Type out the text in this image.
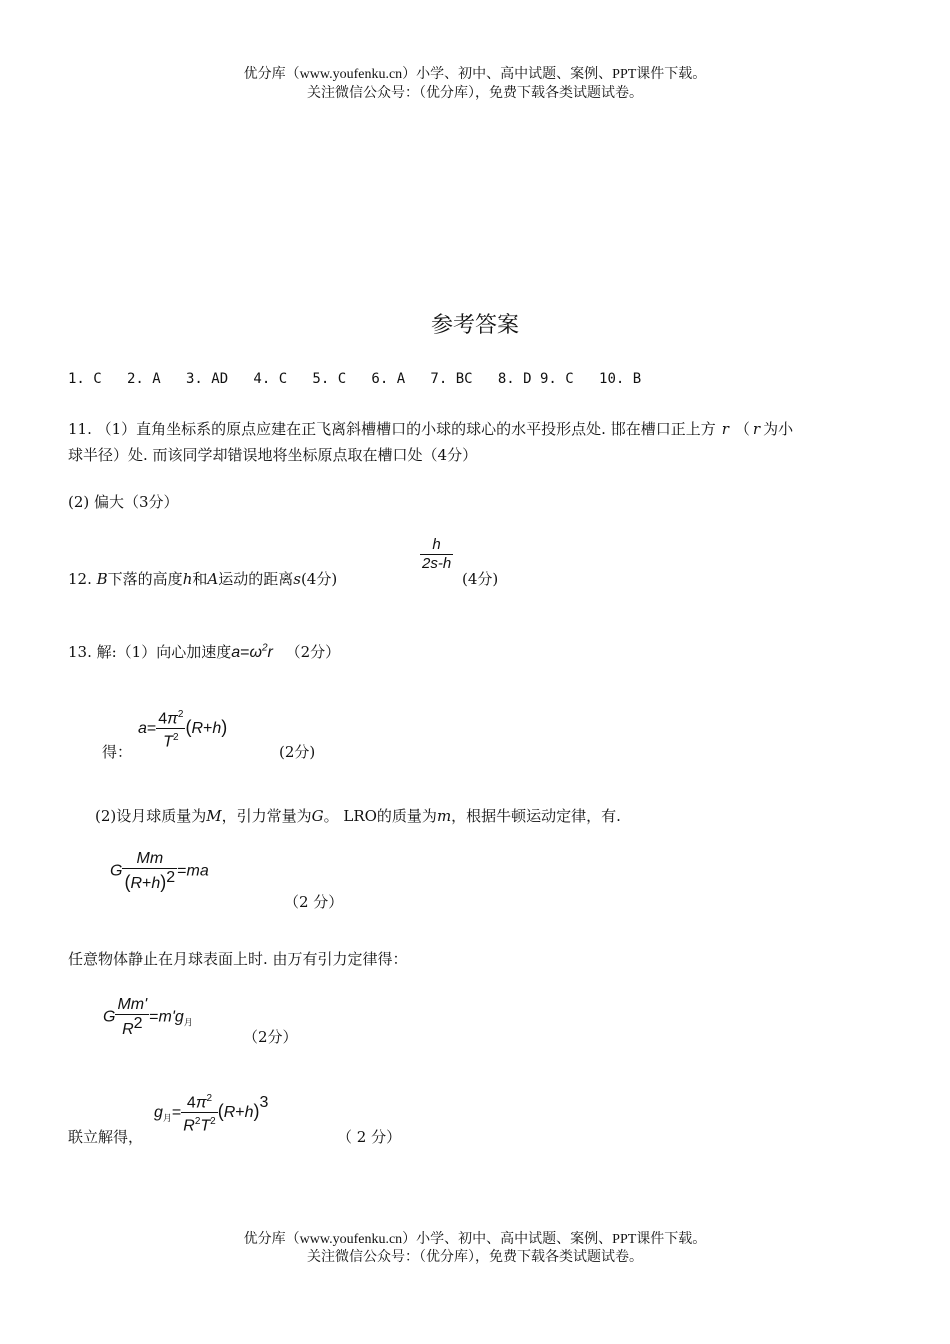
优分库（www.youfenku.cn）小学、初中、高中试题、案例、PPT课件下载。
关注微信公众号：（优分库），免费下载各类试题试卷。
参考答案
1. C   2. A   3. AD   4. C   5. C   6. A   7. BC   8. D 9. C   10. B
11. （1）直角坐标系的原点应建在正飞离斜槽槽口的小球的球心的水平投形点处. 邯在槽口正上方 r （ r 为小
球半径）处. 而该同学却错误地将坐标原点取在槽口处（4分）
(2) 偏大（3分）
12. B下落的高度h和A运动的距离s(4分)
$\frac{h}{2s-h}$
(4分)
13. 解:（1）向心加速度$a=\omega^2r$ （2分）
得：
$a= \frac{4\pi^2}{T^2} (R+h)$
(2分)
(2)设月球质量为M，引力常量为G。 LRO的质量为m，根据牛顿运动定律，有.
G $\frac{Mm}{(R+h)^2} =ma$
（2 分）
任意物体静止在月球表面上时. 由万有引力定律得：
G $\frac{Mm'}{R^2} =m'g_月$
（2分）
联立解得，
$g_月= \frac{4\pi^2}{R^2T^2} (R+h)^3$
（ 2 分）
优分库（www.youfenku.cn）小学、初中、高中试题、案例、PPT课件下载。
关注微信公众号：（优分库），免费下载各类试题试卷。
